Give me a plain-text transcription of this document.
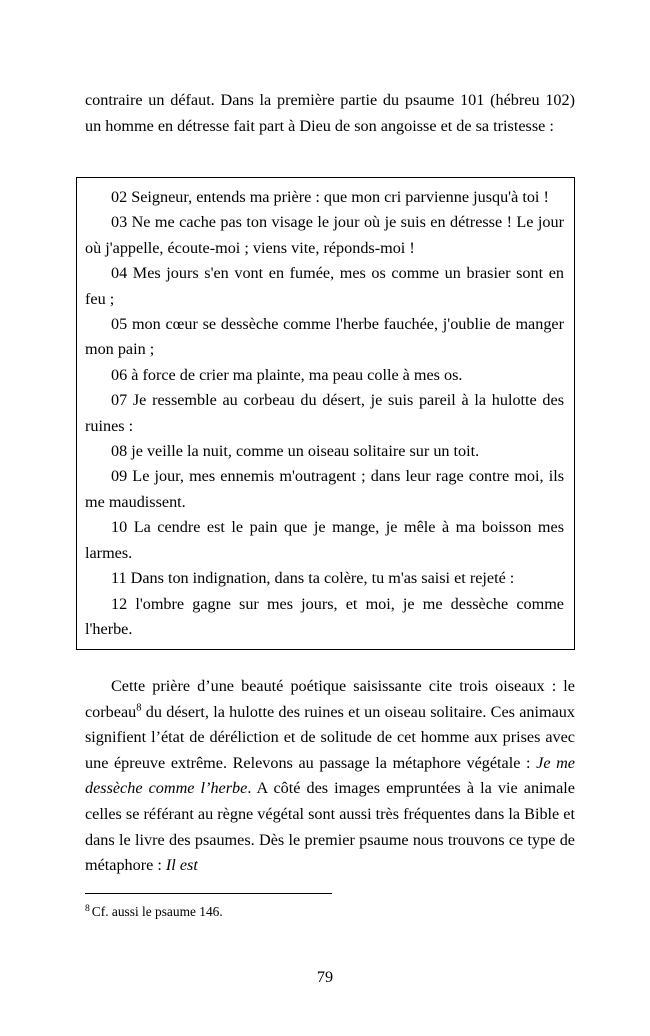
contraire un défaut. Dans la première partie du psaume 101 (hébreu 102) un homme en détresse fait part à Dieu de son angoisse et de sa tristesse :

02 Seigneur, entends ma prière : que mon cri parvienne jusqu'à toi !

03 Ne me cache pas ton visage le jour où je suis en détresse ! Le jour où j'appelle, écoute-moi ; viens vite, réponds-moi !

04 Mes jours s'en vont en fumée, mes os comme un brasier sont en feu ;

05 mon cœur se dessèche comme l'herbe fauchée, j'oublie de manger mon pain ;

06 à force de crier ma plainte, ma peau colle à mes os.

07 Je ressemble au corbeau du désert, je suis pareil à la hulotte des ruines :

08 je veille la nuit, comme un oiseau solitaire sur un toit.

09 Le jour, mes ennemis m'outragent ; dans leur rage contre moi, ils me maudissent.

10 La cendre est le pain que je mange, je mêle à ma boisson mes larmes.

11 Dans ton indignation, dans ta colère, tu m'as saisi et rejeté :

12 l'ombre gagne sur mes jours, et moi, je me dessèche comme l'herbe.

Cette prière d’une beauté poétique saisissante cite trois oiseaux : le corbeau$^8$ du désert, la hulotte des ruines et un oiseau solitaire. Ces animaux signifient l’état de déréliction et de solitude de cet homme aux prises avec une épreuve extrême. Relevons au passage la métaphore végétale : Je me dessèche comme l’herbe. A côté des images empruntées à la vie animale celles se référant au règne végétal sont aussi très fréquentes dans la Bible et dans le livre des psaumes. Dès le premier psaume nous trouvons ce type de métaphore : Il est

$^8$ Cf. aussi le psaume 146.
79
